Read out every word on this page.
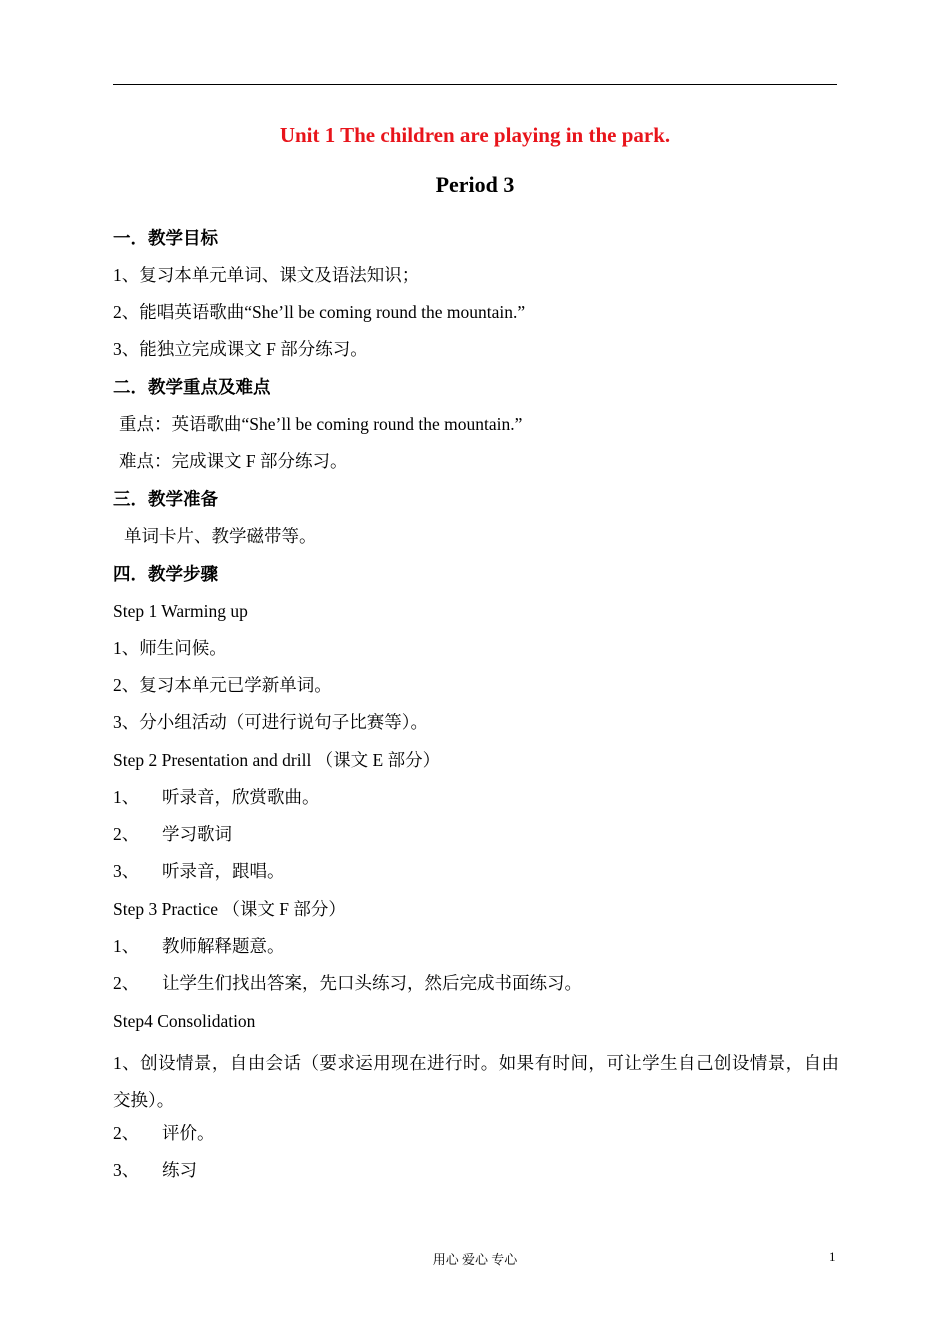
Unit 1 The children are playing in the park.
Period 3
一．教学目标
1、复习本单元单词、课文及语法知识；
2、能唱英语歌曲“She’ll be coming round the mountain.”
3、能独立完成课文 F 部分练习。
二．教学重点及难点
重点：英语歌曲“She’ll be coming round the mountain.”
难点：完成课文 F 部分练习。
三．教学准备
单词卡片、教学磁带等。
四．教学步骤
Step 1 Warming up
1、师生问候。
2、复习本单元已学新单词。
3、分小组活动（可进行说句子比赛等）。
Step 2 Presentation and drill （课文 E 部分）
1、 听录音，欣赏歌曲。
2、 学习歌词
3、 听录音，跟唱。
Step 3 Practice （课文 F 部分）
1、 教师解释题意。
2、 让学生们找出答案，先口头练习，然后完成书面练习。
Step4 Consolidation
1、创设情景，自由会话（要求运用现在进行时。如果有时间，可让学生自己创设情景，自由交换）。
2、 评价。
3、 练习
用心 爱心 专心	1
